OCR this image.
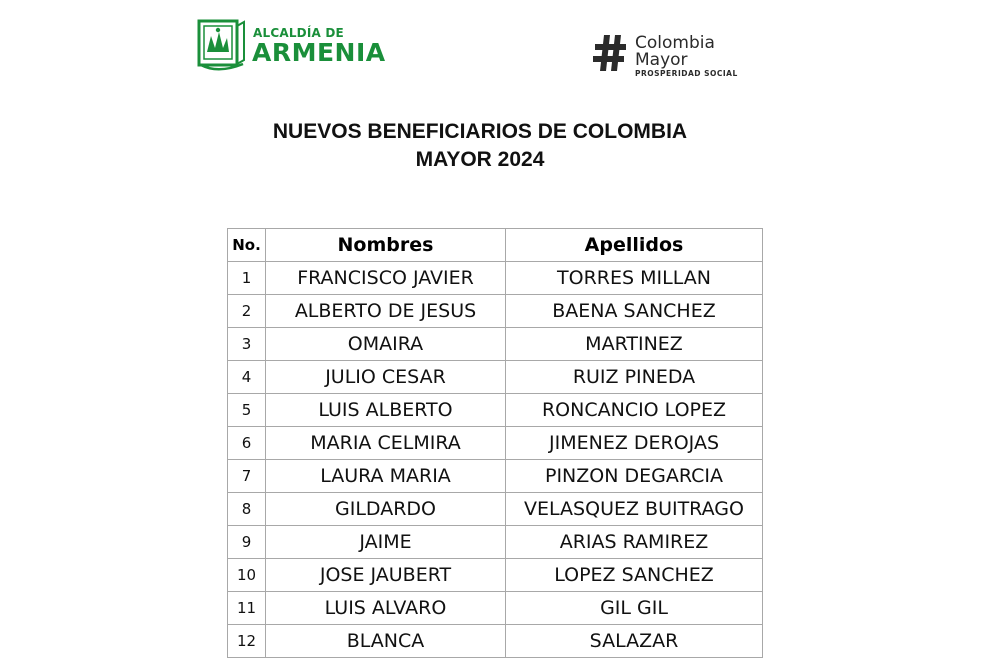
ALCALDÍA DE
ARMENIA	Colombia
Mayor
PROSPERIDAD SOCIAL
NUEVOS BENEFICIARIOS DE COLOMBIA
MAYOR 2024
No.	Nombres	Apellidos
1	FRANCISCO JAVIER	TORRES MILLAN
2	ALBERTO DE JESUS	BAENA SANCHEZ
3	OMAIRA	MARTINEZ
4	JULIO CESAR	RUIZ PINEDA
5	LUIS ALBERTO	RONCANCIO LOPEZ
6	MARIA CELMIRA	JIMENEZ DEROJAS
7	LAURA MARIA	PINZON DEGARCIA
8	GILDARDO	VELASQUEZ BUITRAGO
9	JAIME	ARIAS RAMIREZ
10	JOSE JAUBERT	LOPEZ SANCHEZ
11	LUIS ALVARO	GIL GIL
12	BLANCA	SALAZAR
